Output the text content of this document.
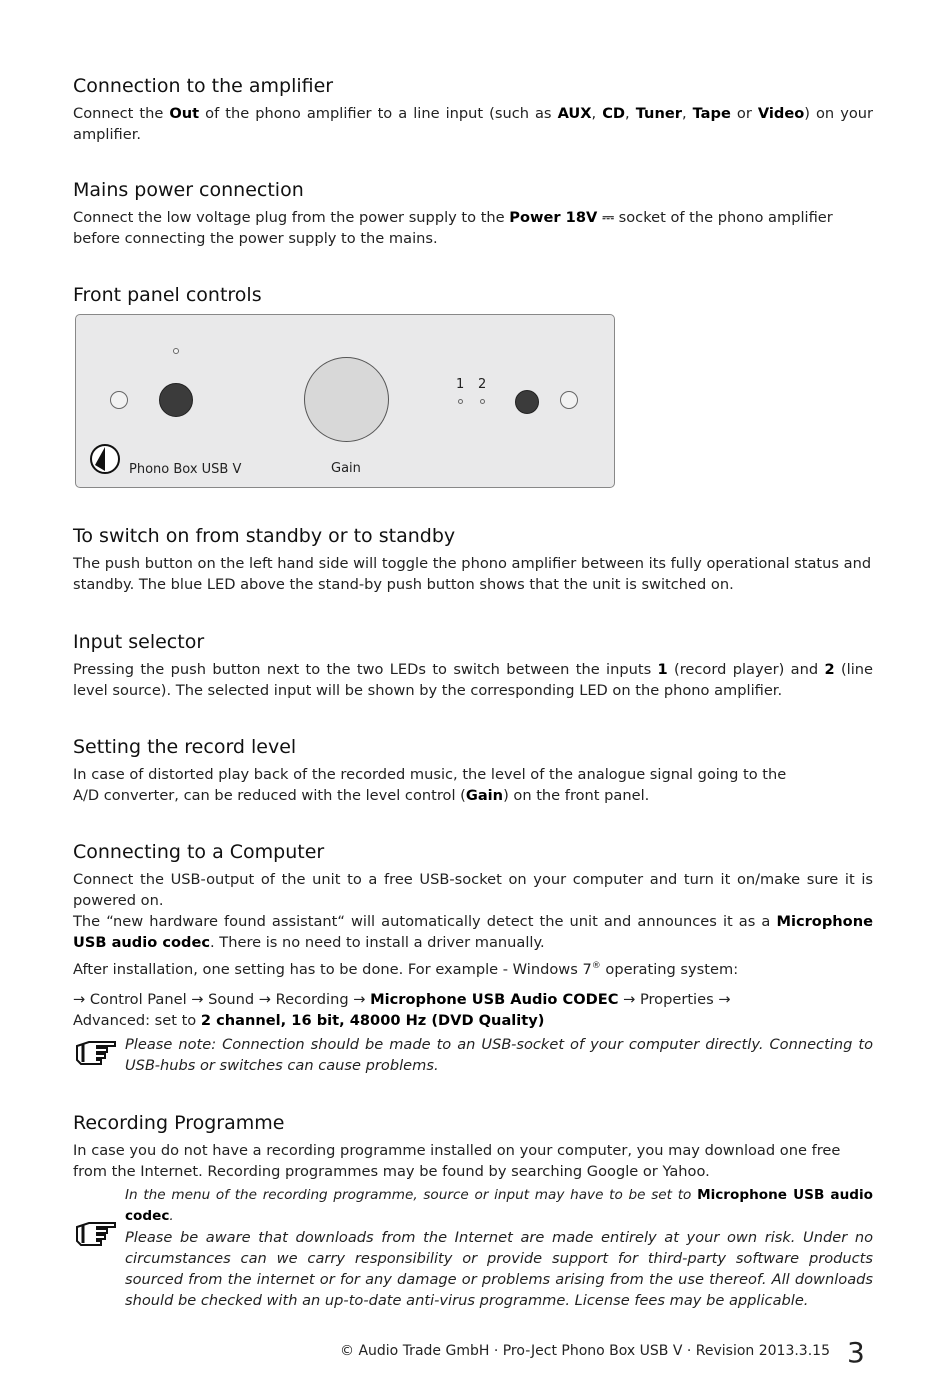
Connection to the amplifier

Connect the Out of the phono amplifier to a line input (such as AUX, CD, Tuner, Tape or Video) on your amplifier.

Mains power connection

Connect the low voltage plug from the power supply to the Power 18V ⎓ socket of the phono amplifier before connecting the power supply to the mains.

Front panel controls
1 2
Phono Box USB V	Gain
To switch on from standby or to standby

The push button on the left hand side will toggle the phono amplifier between its fully operational status and standby. The blue LED above the stand-by push button shows that the unit is switched on.

Input selector

Pressing the push button next to the two LEDs to switch between the inputs 1 (record player) and 2 (line level source). The selected input will be shown by the corresponding LED on the phono amplifier.

Setting the record level

In case of distorted play back of the recorded music, the level of the analogue signal going to the

A/D converter, can be reduced with the level control (Gain) on the front panel.

Connecting to a Computer

Connect the USB-output of the unit to a free USB-socket on your computer and turn it on/make sure it is powered on.

The “new hardware found assistant“ will automatically detect the unit and announces it as a Microphone USB audio codec. There is no need to install a driver manually.

After installation, one setting has to be done. For example - Windows 7® operating system:

→ Control Panel → Sound → Recording → Microphone USB Audio CODEC → Properties →

Advanced: set to 2 channel, 16 bit, 48000 Hz (DVD Quality)

Please note: Connection should be made to an USB-socket of your computer directly. Connecting to USB-hubs or switches can cause problems.
Recording Programme

In case you do not have a recording programme installed on your computer, you may download one free from the Internet. Recording programmes may be found by searching Google or Yahoo.

In the menu of the recording programme, source or input may have to be set to Microphone USB audio codec.
Please be aware that downloads from the Internet are made entirely at your own risk. Under no circumstances can we carry responsibility or provide support for third-party software products sourced from the internet or for any damage or problems arising from the use thereof. All downloads should be checked with an up-to-date anti-virus programme. License fees may be applicable.
© Audio Trade GmbH · Pro-Ject Phono Box USB V · Revision 2013.3.15 3
